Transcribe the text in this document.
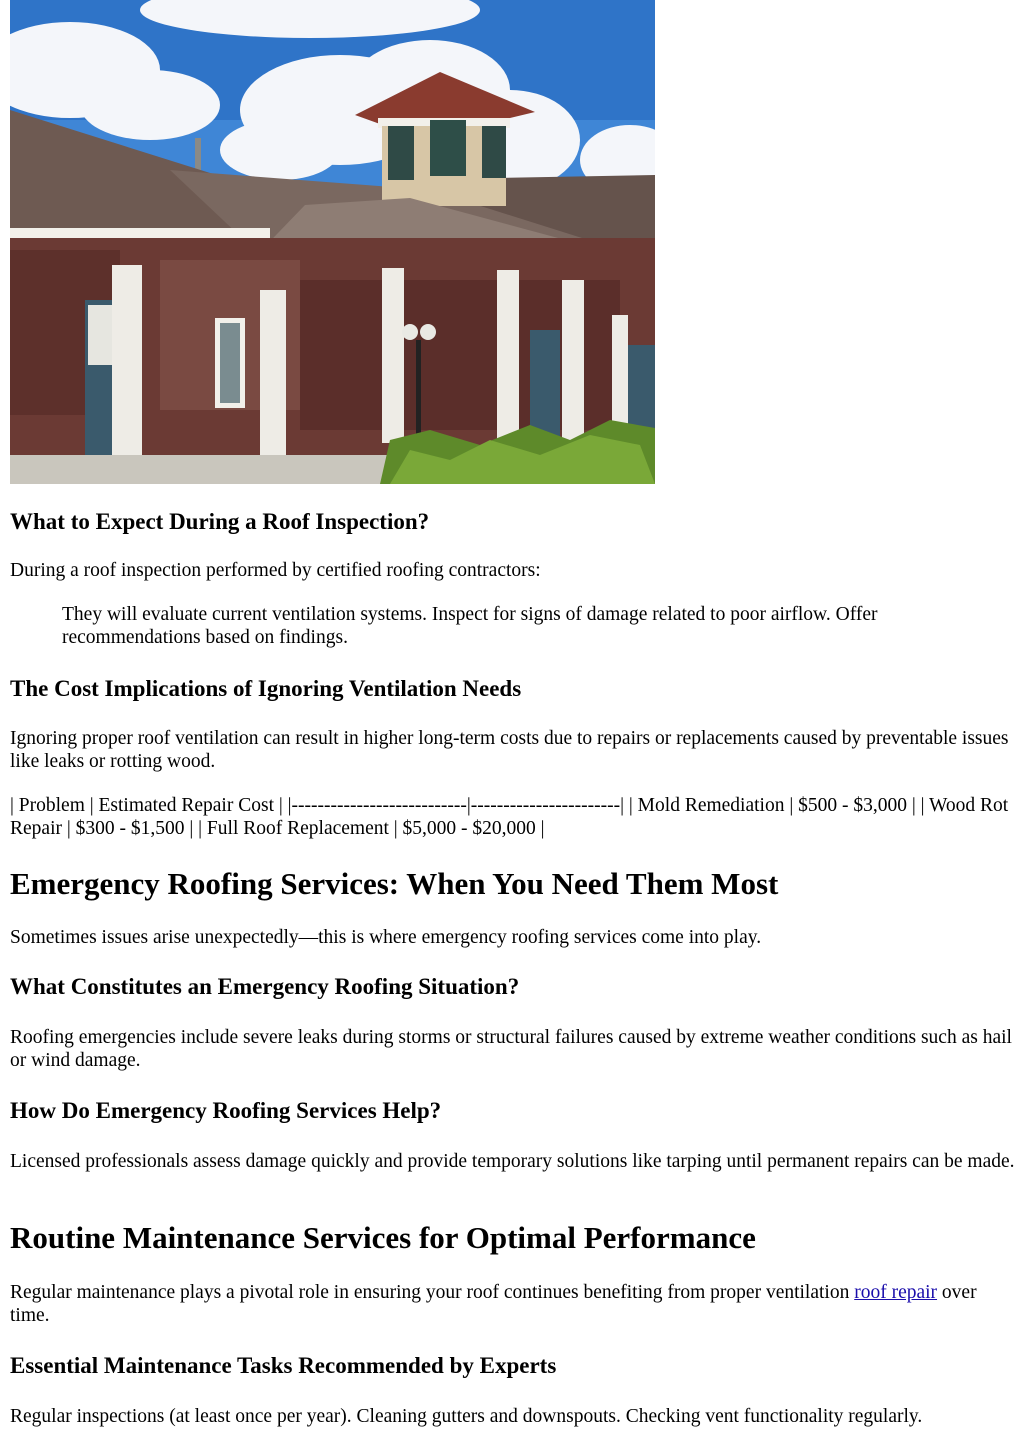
What to Expect During a Roof Inspection?

During a roof inspection performed by certified roofing contractors:

They will evaluate current ventilation systems. Inspect for signs of damage related to poor airflow. Offer recommendations based on findings.
The Cost Implications of Ignoring Ventilation Needs

Ignoring proper roof ventilation can result in higher long-term costs due to repairs or replacements caused by preventable issues like leaks or rotting wood.

| Problem | Estimated Repair Cost | |---------------------------|-----------------------| | Mold Remediation | $500 - $3,000 | | Wood Rot Repair | $300 - $1,500 | | Full Roof Replacement | $5,000 - $20,000 |

Emergency Roofing Services: When You Need Them Most

Sometimes issues arise unexpectedly—this is where emergency roofing services come into play.

What Constitutes an Emergency Roofing Situation?

Roofing emergencies include severe leaks during storms or structural failures caused by extreme weather conditions such as hail or wind damage.

How Do Emergency Roofing Services Help?

Licensed professionals assess damage quickly and provide temporary solutions like tarping until permanent repairs can be made.

Routine Maintenance Services for Optimal Performance

Regular maintenance plays a pivotal role in ensuring your roof continues benefiting from proper ventilation roof repair over time.

Essential Maintenance Tasks Recommended by Experts

Regular inspections (at least once per year). Cleaning gutters and downspouts. Checking vent functionality regularly.
